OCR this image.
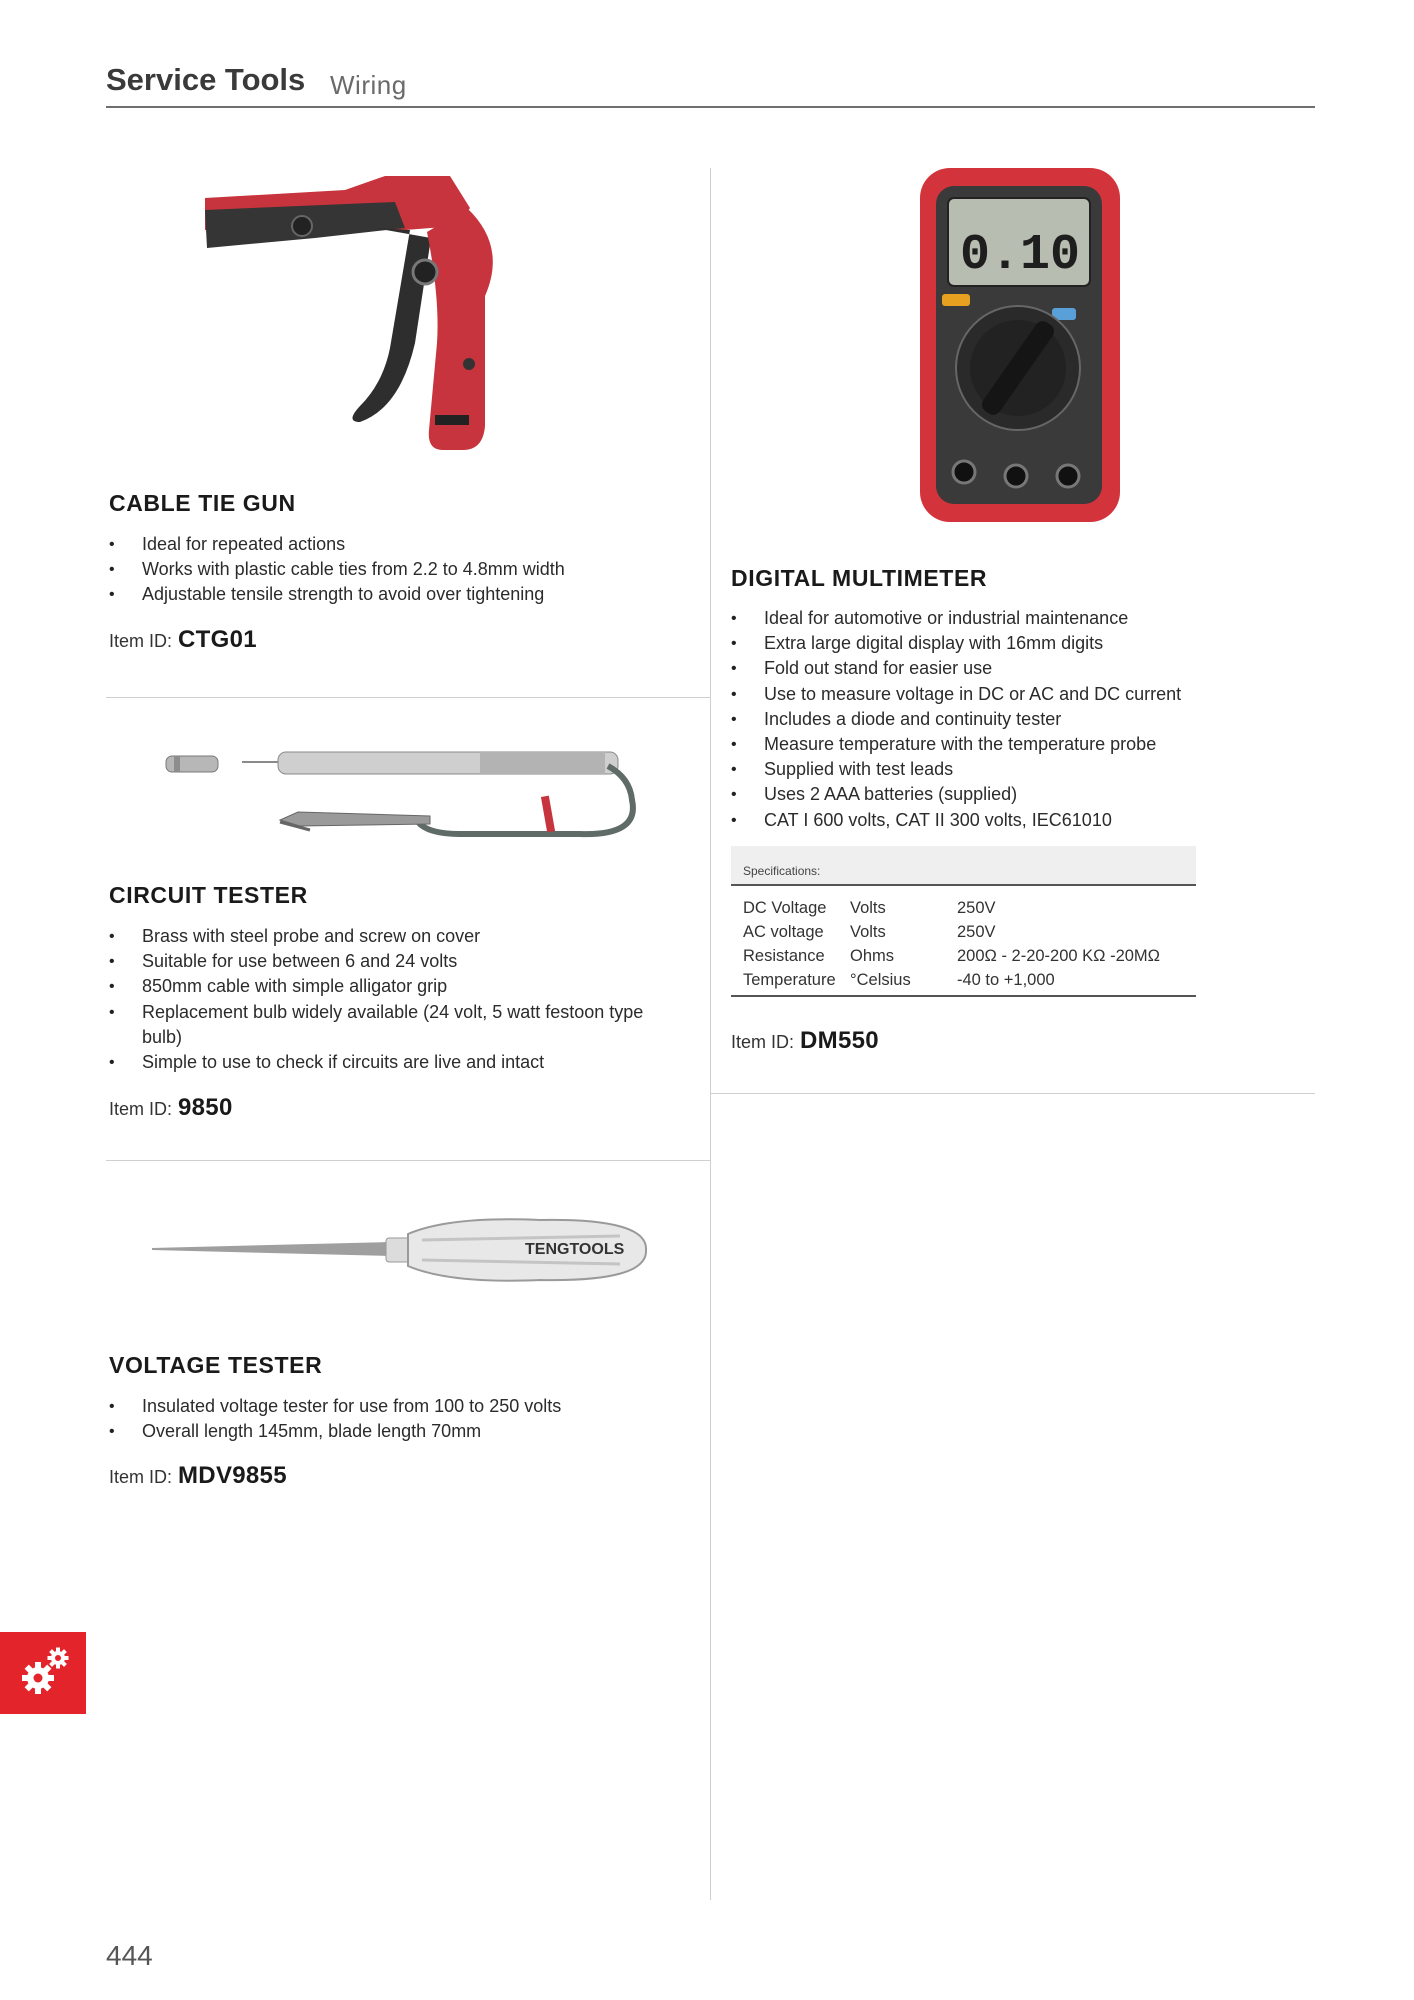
Service Tools Wiring
CABLE TIE GUN
• Ideal for repeated actions
• Works with plastic cable ties from 2.2 to 4.8mm width
• Adjustable tensile strength to avoid over tightening
Item ID: CTG01
CIRCUIT TESTER
• Brass with steel probe and screw on cover
• Suitable for use between 6 and 24 volts
• 850mm cable with simple alligator grip
• Replacement bulb widely available (24 volt, 5 watt festoon type bulb)
• Simple to use to check if circuits are live and intact
Item ID: 9850
TENGTOOLS
VOLTAGE TESTER
• Insulated voltage tester for use from 100 to 250 volts
• Overall length 145mm, blade length 70mm
Item ID: MDV9855
0.10
DIGITAL MULTIMETER
• Ideal for automotive or industrial maintenance
• Extra large digital display with 16mm digits
• Fold out stand for easier use
• Use to measure voltage in DC or AC and DC current
• Includes a diode and continuity tester
• Measure temperature with the temperature probe
• Supplied with test leads
• Uses 2 AAA batteries (supplied)
• CAT I 600 volts, CAT II 300 volts, IEC61010
Specifications:
DC Voltage	Volts	250V
AC voltage	Volts	250V
Resistance	Ohms	200Ω - 2-20-200 KΩ -20MΩ
Temperature	°Celsius	-40 to +1,000
Item ID: DM550
444
